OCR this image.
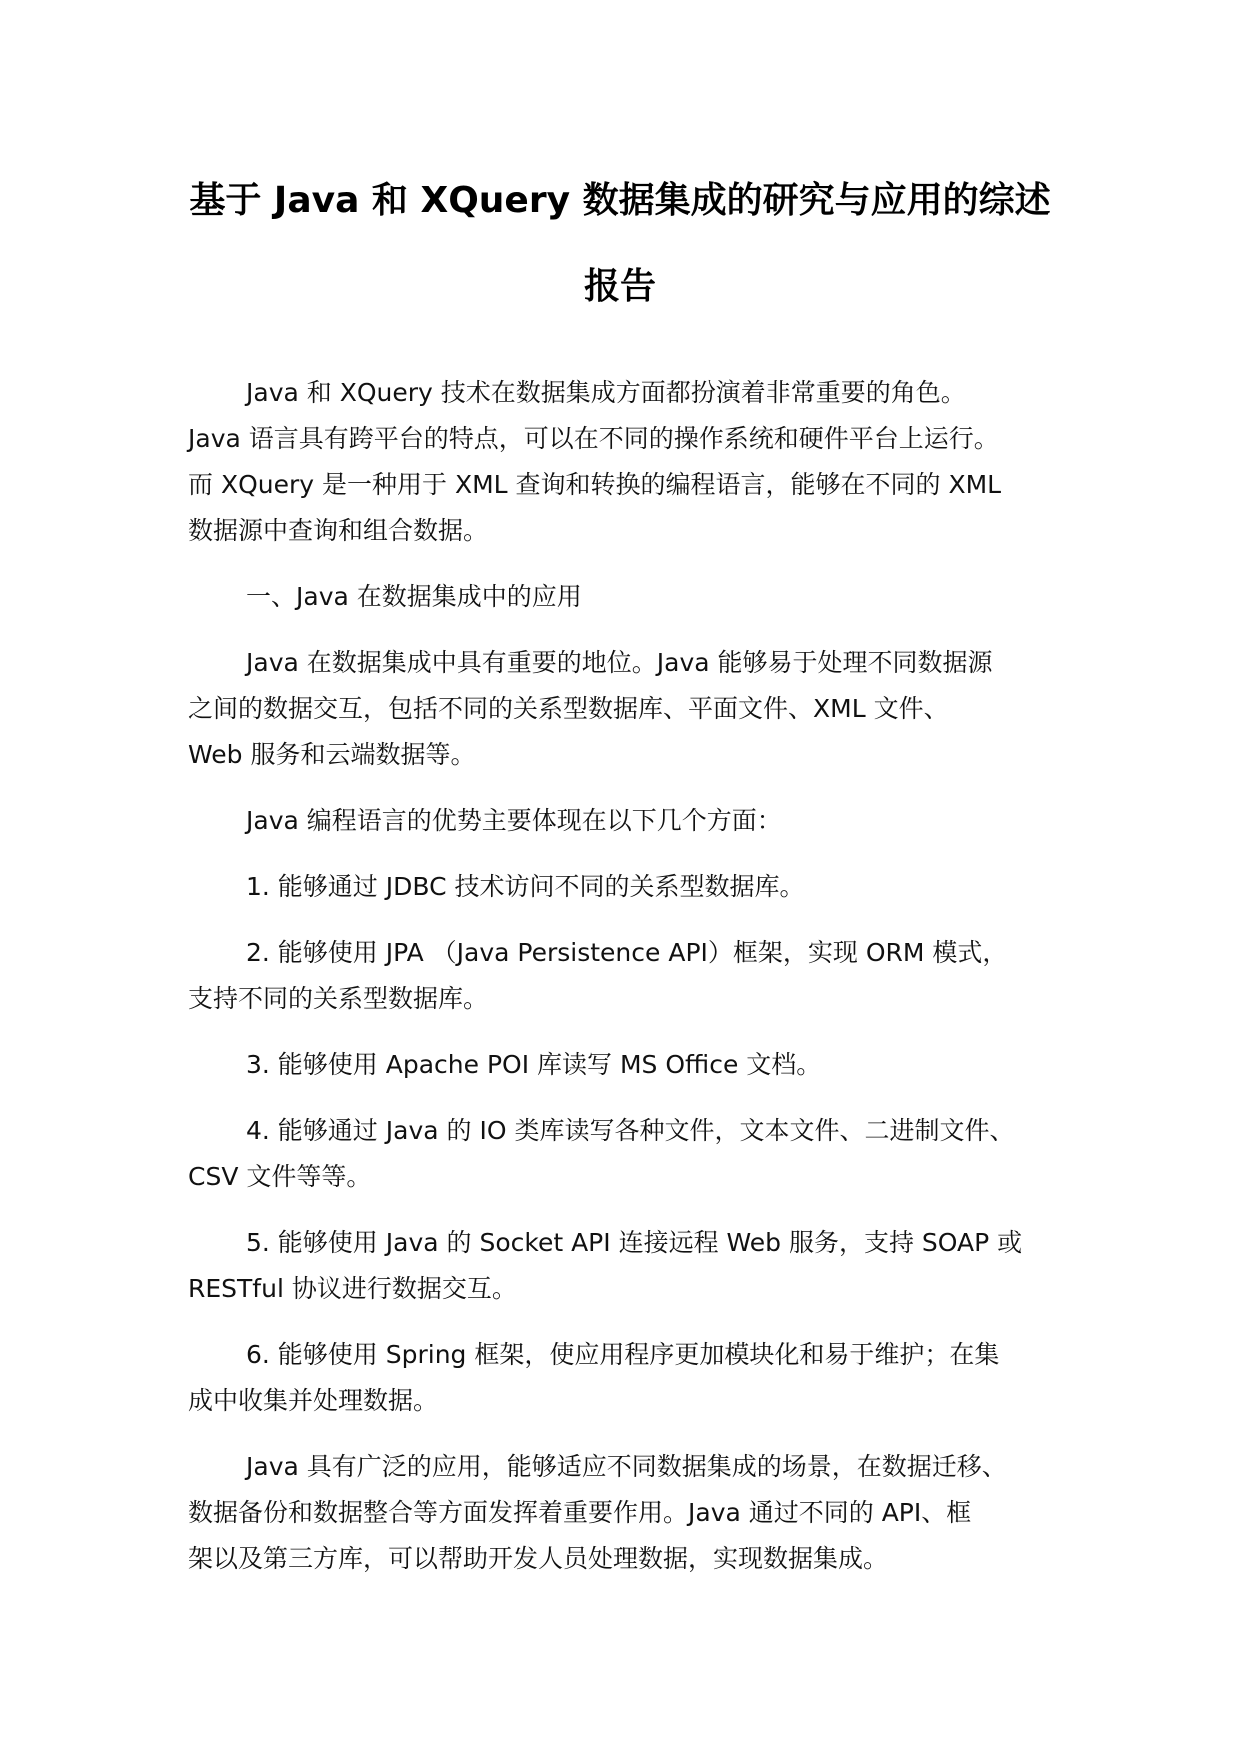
基于 Java 和 XQuery 数据集成的研究与应用的综述
报告

Java 和 XQuery 技术在数据集成方面都扮演着非常重要的角色。
Java 语言具有跨平台的特点，可以在不同的操作系统和硬件平台上运行。
而 XQuery 是一种用于 XML 查询和转换的编程语言，能够在不同的 XML
数据源中查询和组合数据。

一、Java 在数据集成中的应用

Java 在数据集成中具有重要的地位。Java 能够易于处理不同数据源
之间的数据交互，包括不同的关系型数据库、平面文件、XML 文件、
Web 服务和云端数据等。

Java 编程语言的优势主要体现在以下几个方面：

1. 能够通过 JDBC 技术访问不同的关系型数据库。

2. 能够使用 JPA （Java Persistence API）框架，实现 ORM 模式，
支持不同的关系型数据库。

3. 能够使用 Apache POI 库读写 MS Office 文档。

4. 能够通过 Java 的 IO 类库读写各种文件，文本文件、二进制文件、
CSV 文件等等。

5. 能够使用 Java 的 Socket API 连接远程 Web 服务，支持 SOAP 或
RESTful 协议进行数据交互。

6. 能够使用 Spring 框架，使应用程序更加模块化和易于维护；在集
成中收集并处理数据。

Java 具有广泛的应用，能够适应不同数据集成的场景，在数据迁移、
数据备份和数据整合等方面发挥着重要作用。Java 通过不同的 API、框
架以及第三方库，可以帮助开发人员处理数据，实现数据集成。
